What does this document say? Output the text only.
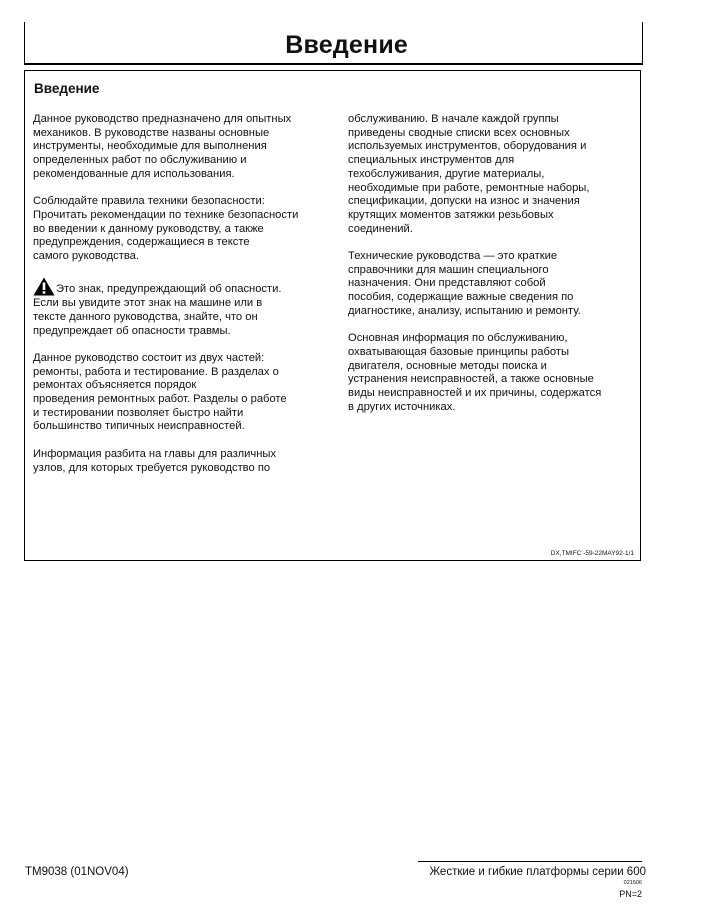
Введение
Введение
Данное руководство предназначено для опытных
механиков. В руководстве названы основные
инструменты, необходимые для выполнения
определенных работ по обслуживанию и
рекомендованные для использования.
Соблюдайте правила техники безопасности:
Прочитать рекомендации по технике безопасности
во введении к данному руководству, а также
предупреждения, содержащиеся в тексте
самого руководства.
Это знак, предупреждающий об опасности.
Если вы увидите этот знак на машине или в
тексте данного руководства, знайте, что он
предупреждает об опасности травмы.
Данное руководство состоит из двух частей:
ремонты, работа и тестирование. В разделах о
ремонтах объясняется порядок
проведения ремонтных работ. Разделы о работе
и тестировании позволяет быстро найти
большинство типичных неисправностей.
Информация разбита на главы для различных
узлов, для которых требуется руководство по
обслуживанию. В начале каждой группы
приведены сводные списки всех основных
используемых инструментов, оборудования и
специальных инструментов для
техобслуживания, другие материалы,
необходимые при работе, ремонтные наборы,
спецификации, допуски на износ и значения
крутящих моментов затяжки резьбовых
соединений.
Технические руководства — это краткие
справочники для машин специального
назначения. Они представляют собой
пособия, содержащие важные сведения по
диагностике, анализу, испытанию и ремонту.
Основная информация по обслуживанию,
охватывающая базовые принципы работы
двигателя, основные методы поиска и
устранения неисправностей, а также основные
виды неисправностей и их причины, содержатся
в других источниках.
DX,TMIFC -59-22MAY92-1/1
TM9038 (01NOV04)	Жесткие и гибкие платформы серии 600
021506
PN=2
